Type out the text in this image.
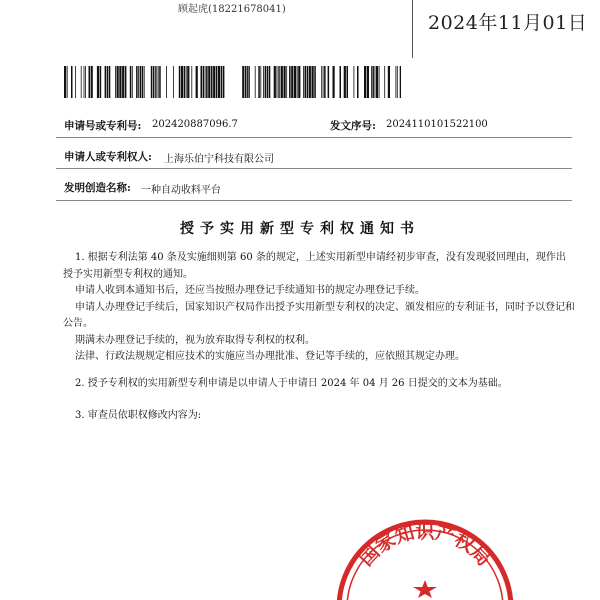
顾起虎(18221678041)
2024年11月01日
申请号或专利号: 202420887096.7	发文序号: 2024110101522100
申请人或专利权人: 上海乐伯宁科技有限公司
发明创造名称: 一种自动收料平台
授予实用新型专利权通知书

1. 根据专利法第 40 条及实施细则第 60 条的规定，上述实用新型申请经初步审查，没有发现驳回理由，现作出授予实用新型专利权的通知。

申请人收到本通知书后，还应当按照办理登记手续通知书的规定办理登记手续。

申请人办理登记手续后，国家知识产权局作出授予实用新型专利权的决定、颁发相应的专利证书，同时予以登记和公告。

期满未办理登记手续的，视为放弃取得专利权的权利。

法律、行政法规规定相应技术的实施应当办理批准、登记等手续的，应依照其规定办理。

2. 授予专利权的实用新型专利申请是以申请人于申请日 2024 年 04 月 26 日提交的文本为基础。
3. 审查员依职权修改内容为:
国家知识产权局
